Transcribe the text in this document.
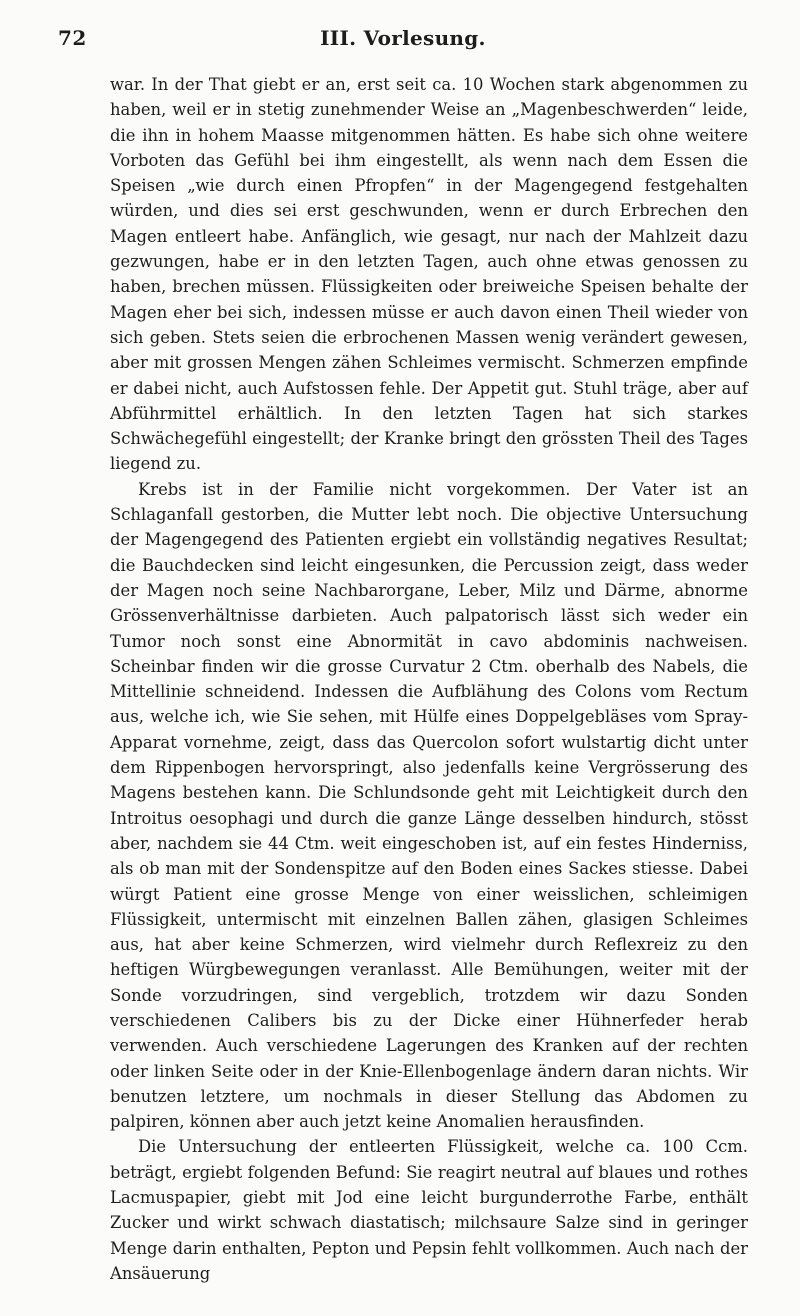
72	III. Vorlesung.

war. In der That giebt er an, erst seit ca. 10 Wochen stark abgenommen zu haben, weil er in stetig zunehmender Weise an „Magenbeschwerden“ leide, die ihn in hohem Maasse mitgenommen hätten. Es habe sich ohne weitere Vorboten das Gefühl bei ihm eingestellt, als wenn nach dem Essen die Speisen „wie durch einen Pfropfen“ in der Magengegend festgehalten würden, und dies sei erst geschwunden, wenn er durch Erbrechen den Magen entleert habe. Anfänglich, wie gesagt, nur nach der Mahlzeit dazu gezwungen, habe er in den letzten Tagen, auch ohne etwas genossen zu haben, brechen müssen. Flüssigkeiten oder breiweiche Speisen behalte der Magen eher bei sich, indessen müsse er auch davon einen Theil wieder von sich geben. Stets seien die erbrochenen Massen wenig verändert gewesen, aber mit grossen Mengen zähen Schleimes vermischt. Schmerzen empfinde er dabei nicht, auch Aufstossen fehle. Der Appetit gut. Stuhl träge, aber auf Abführmittel erhältlich. In den letzten Tagen hat sich starkes Schwächegefühl eingestellt; der Kranke bringt den grössten Theil des Tages liegend zu.

Krebs ist in der Familie nicht vorgekommen. Der Vater ist an Schlaganfall gestorben, die Mutter lebt noch. Die objective Untersuchung der Magengegend des Patienten ergiebt ein vollständig negatives Resultat; die Bauchdecken sind leicht eingesunken, die Percussion zeigt, dass weder der Magen noch seine Nachbarorgane, Leber, Milz und Därme, abnorme Grössenverhältnisse darbieten. Auch palpatorisch lässt sich weder ein Tumor noch sonst eine Abnormität in cavo abdominis nachweisen. Scheinbar finden wir die grosse Curvatur 2 Ctm. oberhalb des Nabels, die Mittellinie schneidend. Indessen die Aufblähung des Colons vom Rectum aus, welche ich, wie Sie sehen, mit Hülfe eines Doppelgebläses vom Spray-Apparat vornehme, zeigt, dass das Quercolon sofort wulstartig dicht unter dem Rippenbogen hervorspringt, also jedenfalls keine Vergrösserung des Magens bestehen kann. Die Schlundsonde geht mit Leichtigkeit durch den Introitus oesophagi und durch die ganze Länge desselben hindurch, stösst aber, nachdem sie 44 Ctm. weit eingeschoben ist, auf ein festes Hinderniss, als ob man mit der Sondenspitze auf den Boden eines Sackes stiesse. Dabei würgt Patient eine grosse Menge von einer weisslichen, schleimigen Flüssigkeit, untermischt mit einzelnen Ballen zähen, glasigen Schleimes aus, hat aber keine Schmerzen, wird vielmehr durch Reflexreiz zu den heftigen Würgbewegungen veranlasst. Alle Bemühungen, weiter mit der Sonde vorzudringen, sind vergeblich, trotzdem wir dazu Sonden verschiedenen Calibers bis zu der Dicke einer Hühnerfeder herab verwenden. Auch verschiedene Lagerungen des Kranken auf der rechten oder linken Seite oder in der Knie-Ellenbogenlage ändern daran nichts. Wir benutzen letztere, um nochmals in dieser Stellung das Abdomen zu palpiren, können aber auch jetzt keine Anomalien herausfinden.

Die Untersuchung der entleerten Flüssigkeit, welche ca. 100 Ccm. beträgt, ergiebt folgenden Befund: Sie reagirt neutral auf blaues und rothes Lacmuspapier, giebt mit Jod eine leicht burgunderrothe Farbe, enthält Zucker und wirkt schwach diastatisch; milchsaure Salze sind in geringer Menge darin enthalten, Pepton und Pepsin fehlt vollkommen. Auch nach der Ansäuerung
